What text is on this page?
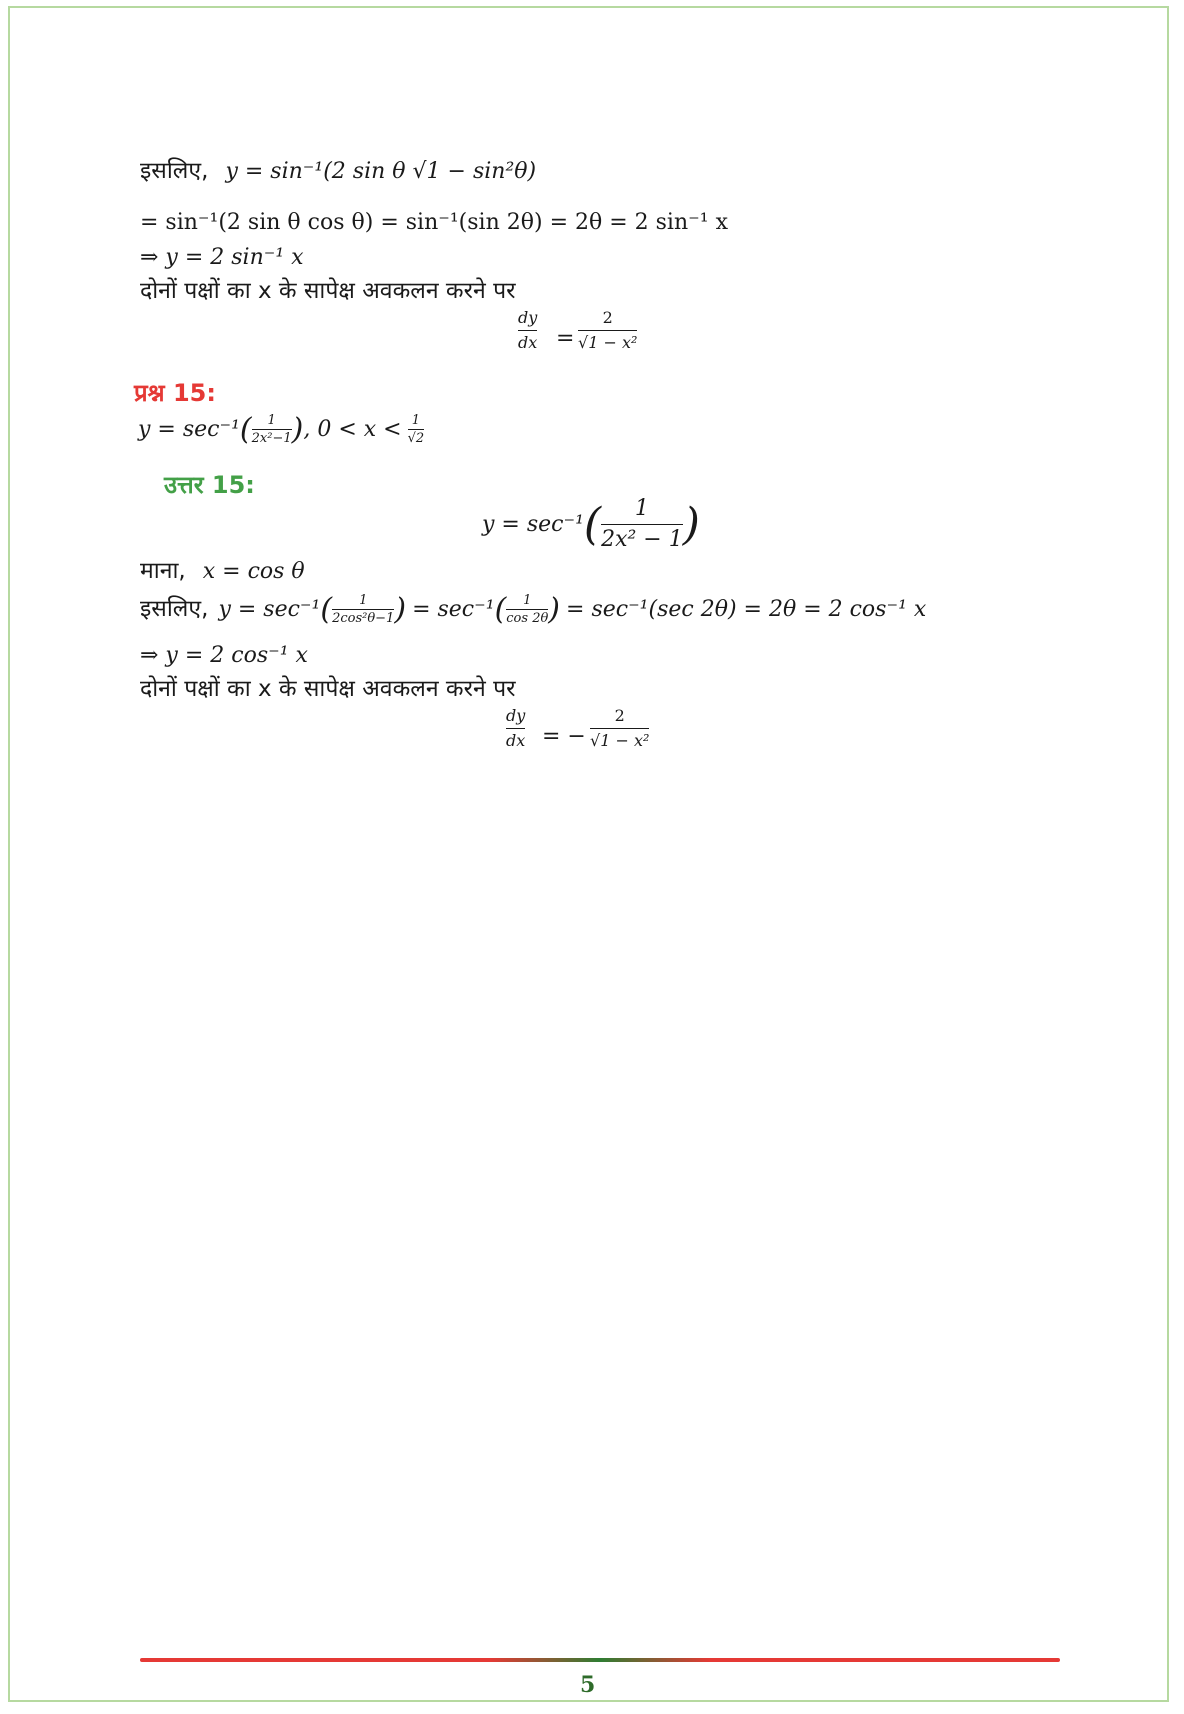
इसलिए, y = sin⁻¹(2 sin θ √1 − sin²θ)
= sin⁻¹(2 sin θ cos θ) = sin⁻¹(sin 2θ) = 2θ = 2 sin⁻¹ x
⇒ y = 2 sin⁻¹ x
दोनों पक्षों का x के सापेक्ष अवकलन करने पर
dy
dx =
2
√1 − x²
प्रश्न 15:
y = sec⁻¹ ( 1
2x²−1 ) , 0 < x < 1
√2
उत्तर 15:
y = sec⁻¹ ( $\frac{1}{\text{2x² − 1}}$ )
माना, x = cos θ
इसलिए, y = sec⁻¹ ( 1
2cos²θ−1 ) = sec⁻¹ ( 1
cos 2θ ) = sec⁻¹(sec 2θ) = 2θ = 2 cos⁻¹ x
⇒ y = 2 cos⁻¹ x
दोनों पक्षों का x के सापेक्ष अवकलन करने पर
dy
dx = −
2
√1 − x²
5
